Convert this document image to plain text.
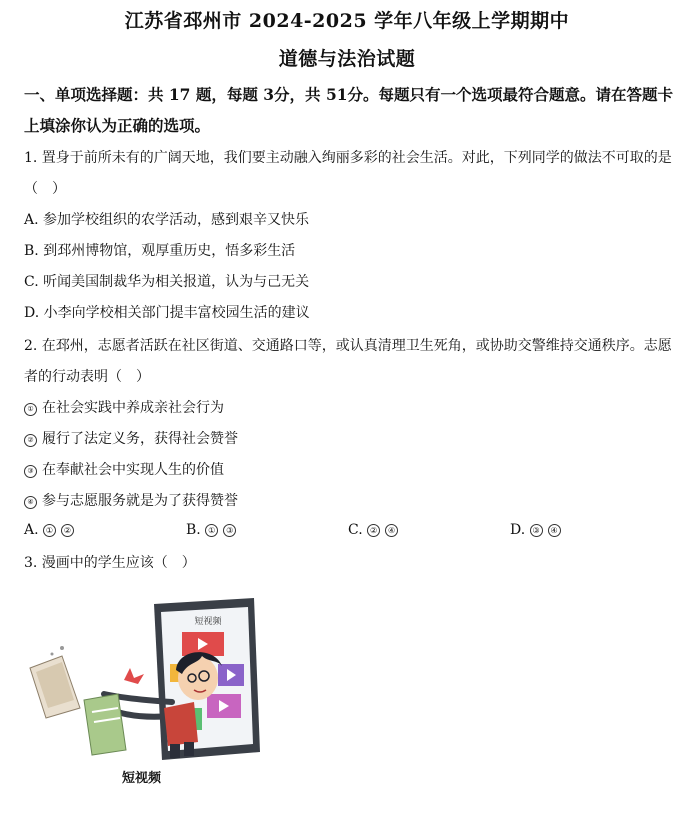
江苏省邳州市 2024-2025 学年八年级上学期期中
道德与法治试题
一、单项选择题：共 17 题，每题 3分，共 51分。每题只有一个选项最符合题意。请在答题卡上填涂你认为正确的选项。
1. 置身于前所未有的广阔天地，我们要主动融入绚丽多彩的社会生活。对此，下列同学的做法不可取的是
（　）
A. 参加学校组织的农学活动，感到艰辛又快乐
B. 到邳州博物馆，观厚重历史，悟多彩生活
C. 听闻美国制裁华为相关报道，认为与己无关
D. 小李向学校相关部门提丰富校园生活的建议
2. 在邳州，志愿者活跃在社区街道、交通路口等，或认真清理卫生死角，或协助交警维持交通秩序。志愿
者的行动表明（　）
① 在社会实践中养成亲社会行为
② 履行了法定义务，获得社会赞誉
③ 在奉献社会中实现人生的价值
④ 参与志愿服务就是为了获得赞誉
A. ① ②	B. ① ③	C. ② ④	D. ③ ④
3. 漫画中的学生应该（　）
短视频
短视频
